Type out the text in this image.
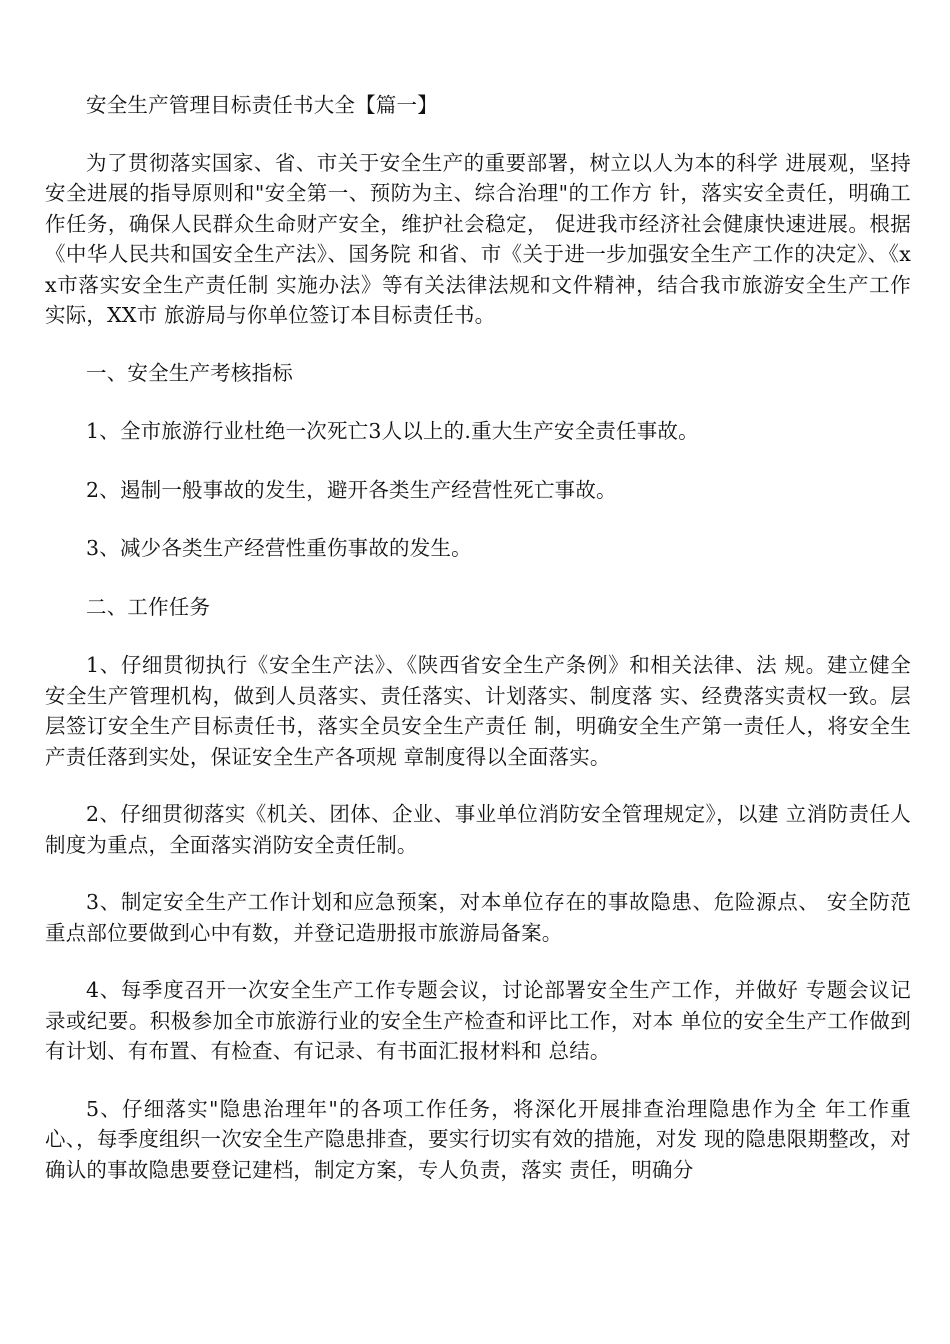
安全生产管理目标责任书大全【篇一】

为了贯彻落实国家、省、市关于安全生产的重要部署，树立以人为本的科学 进展观，坚持安全进展的指导原则和"安全第一、预防为主、综合治理"的工作方 针，落实安全责任，明确工作任务，确保人民群众生命财产安全，维护社会稳定， 促进我市经济社会健康快速进展。根据《中华人民共和国安全生产法》、国务院 和省、市《关于进一步加强安全生产工作的决定》、《xx市落实安全生产责任制 实施办法》等有关法律法规和文件精神，结合我市旅游安全生产工作实际，XX市 旅游局与你单位签订本目标责任书。

一、安全生产考核指标

1、全市旅游行业杜绝一次死亡3人以上的.重大生产安全责任事故。

2、遏制一般事故的发生，避开各类生产经营性死亡事故。

3、减少各类生产经营性重伤事故的发生。

二、工作任务

1、仔细贯彻执行《安全生产法》、《陕西省安全生产条例》和相关法律、法 规。建立健全安全生产管理机构，做到人员落实、责任落实、计划落实、制度落 实、经费落实责权一致。层层签订安全生产目标责任书，落实全员安全生产责任 制，明确安全生产第一责任人，将安全生产责任落到实处，保证安全生产各项规 章制度得以全面落实。

2、仔细贯彻落实《机关、团体、企业、事业单位消防安全管理规定》，以建 立消防责任人制度为重点，全面落实消防安全责任制。

3、制定安全生产工作计划和应急预案，对本单位存在的事故隐患、危险源点、 安全防范重点部位要做到心中有数，并登记造册报市旅游局备案。

4、每季度召开一次安全生产工作专题会议，讨论部署安全生产工作，并做好 专题会议记录或纪要。积极参加全市旅游行业的安全生产检查和评比工作，对本 单位的安全生产工作做到有计划、有布置、有检查、有记录、有书面汇报材料和 总结。

5、仔细落实"隐患治理年"的各项工作任务，将深化开展排查治理隐患作为全 年工作重心、，每季度组织一次安全生产隐患排查，要实行切实有效的措施，对发 现的隐患限期整改，对确认的事故隐患要登记建档，制定方案，专人负责，落实 责任，明确分
